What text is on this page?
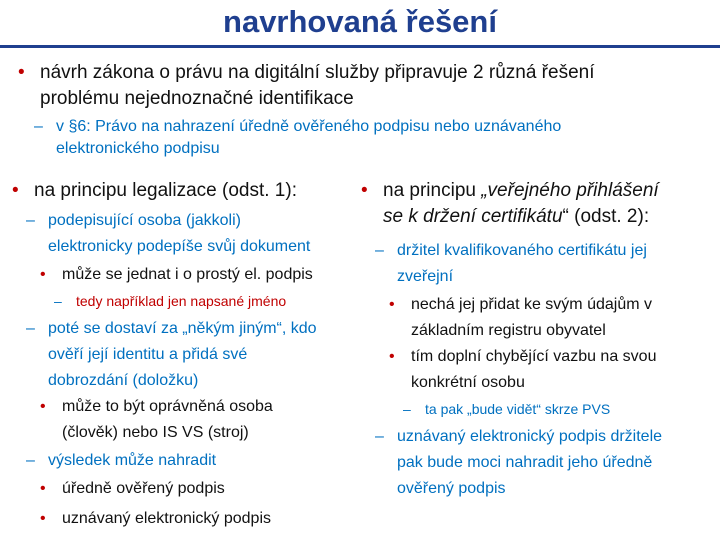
navrhovaná řešení
• návrh zákona o právu na digitální služby připravuje 2 různá řešení
problému nejednoznačné identifikace
– v §6: Právo na nahrazení úředně ověřeného podpisu nebo uznávaného
elektronického podpisu
• na principu legalizace (odst. 1):
– podepisující osoba (jakkoli)
elektronicky podepíše svůj dokument
• může se jednat i o prostý el. podpis
– tedy například jen napsané jméno
– poté se dostaví za „někým jiným“, kdo
ověří její identitu a přidá své
dobrozdání (doložku)
• může to být oprávněná osoba
(člověk) nebo IS VS (stroj)
– výsledek může nahradit
• úředně ověřený podpis
• uznávaný elektronický podpis
• na principu „veřejného přihlášení
se k držení certifikátu“ (odst. 2):
– držitel kvalifikovaného certifikátu jej
zveřejní
• nechá jej přidat ke svým údajům v
základním registru obyvatel
• tím doplní chybějící vazbu na svou
konkrétní osobu
– ta pak „bude vidět“ skrze PVS
– uznávaný elektronický podpis držitele
pak bude moci nahradit jeho úředně
ověřený podpis
